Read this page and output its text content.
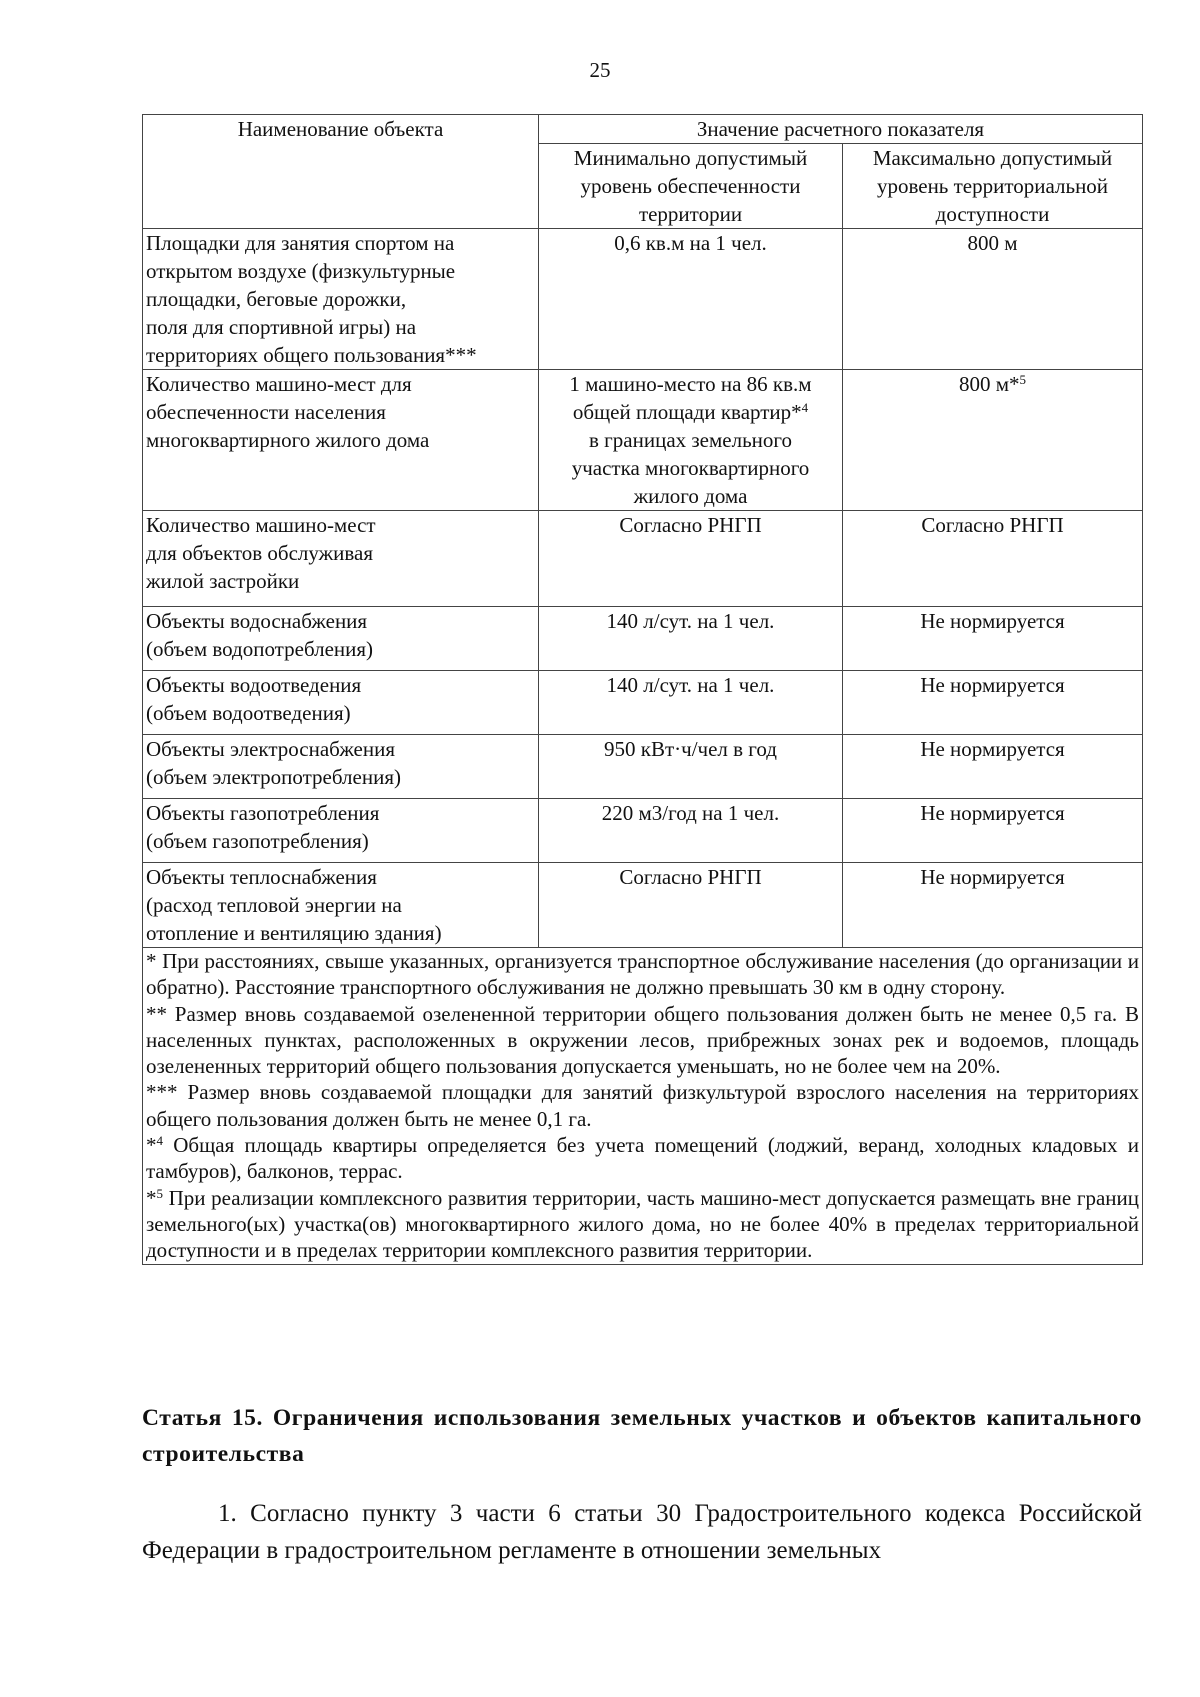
25
Наименование объекта	Значение расчетного показателя	
	Минимально допустимый уровень обеспеченности территории	Максимально допустимый уровень территориальной доступности
Площадки для занятия спортом на
открытом воздухе (физкультурные
площадки, беговые дорожки,
поля для спортивной игры) на
территориях общего пользования***	0,6 кв.м на 1 чел.	800 м
Количество машино-мест для
обеспеченности населения
многоквартирного жилого дома	1 машино-место на 86 кв.м
общей площади квартир*$^4$
в границах земельного
участка многоквартирного
жилого дома	800 м*$^5$
Количество машино-мест
для объектов обслуживая
жилой застройки	Согласно РНГП	Согласно РНГП
Объекты водоснабжения
(объем водопотребления)	140 л/сут. на 1 чел.	Не нормируется
Объекты водоотведения
(объем водоотведения)	140 л/сут. на 1 чел.	Не нормируется
Объекты электроснабжения
(объем электропотребления)	950 кВт·ч/чел в год	Не нормируется
Объекты газопотребления
(объем газопотребления)	220 м3/год на 1 чел.	Не нормируется
Объекты теплоснабжения
(расход тепловой энергии на
отопление и вентиляцию здания)	Согласно РНГП	Не нормируется

* При расстояниях, свыше указанных, организуется транспортное обслуживание населения (до организации и обратно). Расстояние транспортного обслуживания не должно превышать 30 км в одну сторону.

** Размер вновь создаваемой озелененной территории общего пользования должен быть не менее 0,5 га. В населенных пунктах, расположенных в окружении лесов, прибрежных зонах рек и водоемов, площадь озелененных территорий общего пользования допускается уменьшать, но не более чем на 20%.

*** Размер вновь создаваемой площадки для занятий физкультурой взрослого населения на территориях общего пользования должен быть не менее 0,1 га.

*$^4$ Общая площадь квартиры определяется без учета помещений (лоджий, веранд, холодных кладовых и тамбуров), балконов, террас.

*$^5$ При реализации комплексного развития территории, часть машино-мест допускается размещать вне границ земельного(ых) участка(ов) многоквартирного жилого дома, но не более 40% в пределах территориальной доступности и в пределах территории комплексного развития территории.		

Статья 15. Ограничения использования земельных участков и объектов капитального строительства

1. Согласно пункту 3 части 6 статьи 30 Градостроительного кодекса Российской Федерации в градостроительном регламенте в отношении земельных
